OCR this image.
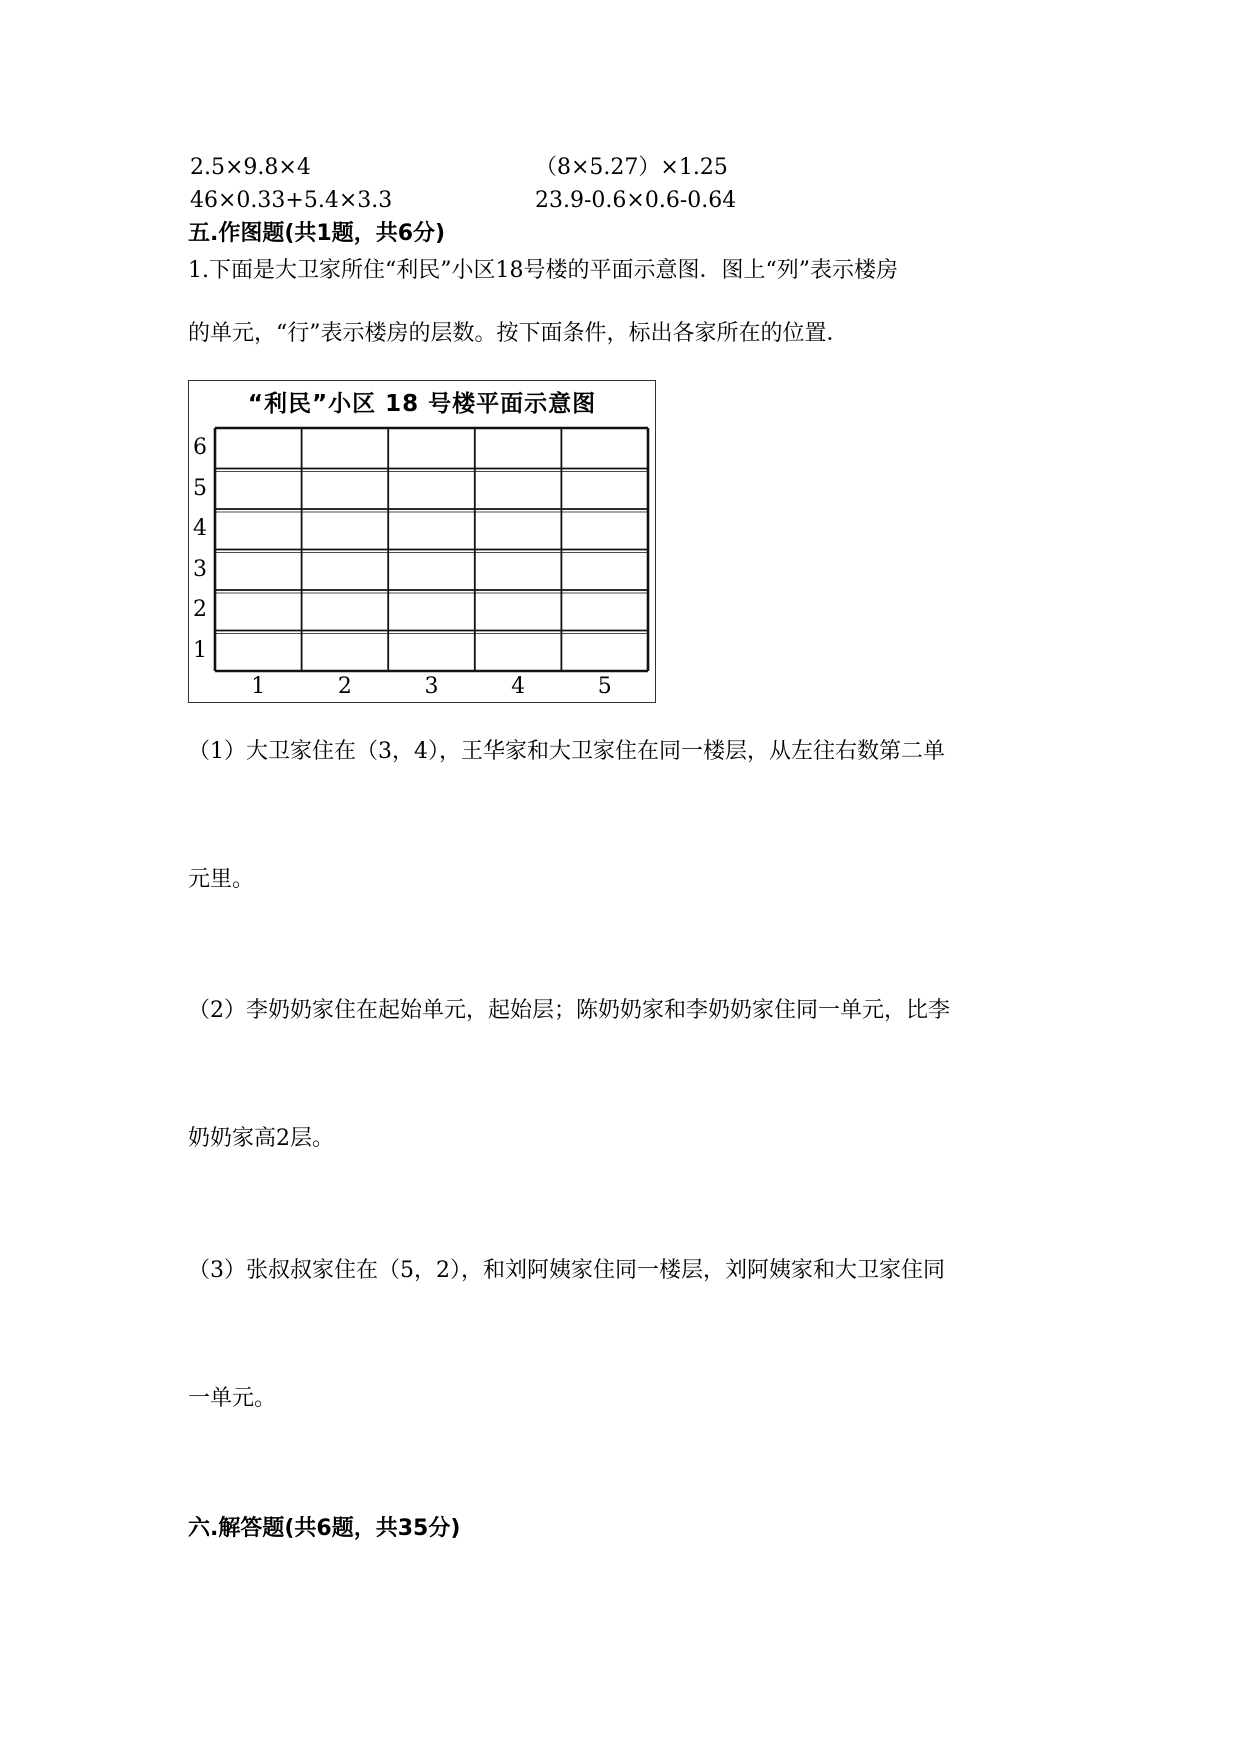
2.5×9.8×4	（8×5.27）×1.25
46×0.33+5.4×3.3	23.9-0.6×0.6-0.64
五.作图题(共1题，共6分)
1.下面是大卫家所住“利民”小区18号楼的平面示意图．图上“列”表示楼房
的单元，“行”表示楼房的层数。按下面条件，标出各家所在的位置．
“利民”小区 18 号楼平面示意图
1
2
3
4
5
6
1	2	3	4	5
（1）大卫家住在（3，4），王华家和大卫家住在同一楼层，从左往右数第二单
元里。
（2）李奶奶家住在起始单元，起始层；陈奶奶家和李奶奶家住同一单元，比李
奶奶家高2层。
（3）张叔叔家住在（5，2），和刘阿姨家住同一楼层，刘阿姨家和大卫家住同
一单元。
六.解答题(共6题，共35分)
